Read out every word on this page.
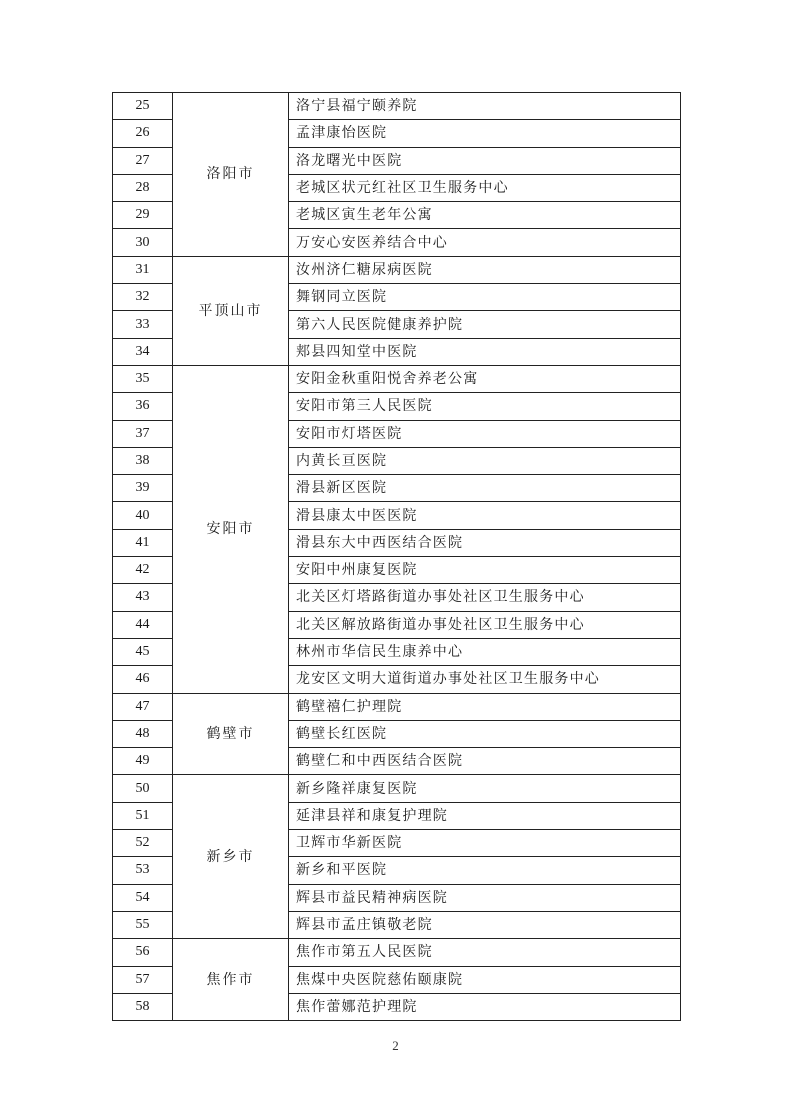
25	洛阳市	洛宁县福宁颐养院
26		孟津康怡医院
27		洛龙曙光中医院
28		老城区状元红社区卫生服务中心
29		老城区寅生老年公寓
30		万安心安医养结合中心
31	平顶山市	汝州济仁糖尿病医院
32		舞钢同立医院
33		第六人民医院健康养护院
34		郏县四知堂中医院
35	安阳市	安阳金秋重阳悦舍养老公寓
36		安阳市第三人民医院
37		安阳市灯塔医院
38		内黄长亘医院
39		滑县新区医院
40		滑县康太中医医院
41		滑县东大中西医结合医院
42		安阳中州康复医院
43		北关区灯塔路街道办事处社区卫生服务中心
44		北关区解放路街道办事处社区卫生服务中心
45		林州市华信民生康养中心
46		龙安区文明大道街道办事处社区卫生服务中心
47	鹤壁市	鹤壁禧仁护理院
48		鹤壁长红医院
49		鹤壁仁和中西医结合医院
50	新乡市	新乡隆祥康复医院
51		延津县祥和康复护理院
52		卫辉市华新医院
53		新乡和平医院
54		辉县市益民精神病医院
55		辉县市孟庄镇敬老院
56	焦作市	焦作市第五人民医院
57		焦煤中央医院慈佑颐康院
58		焦作蕾娜范护理院
2
